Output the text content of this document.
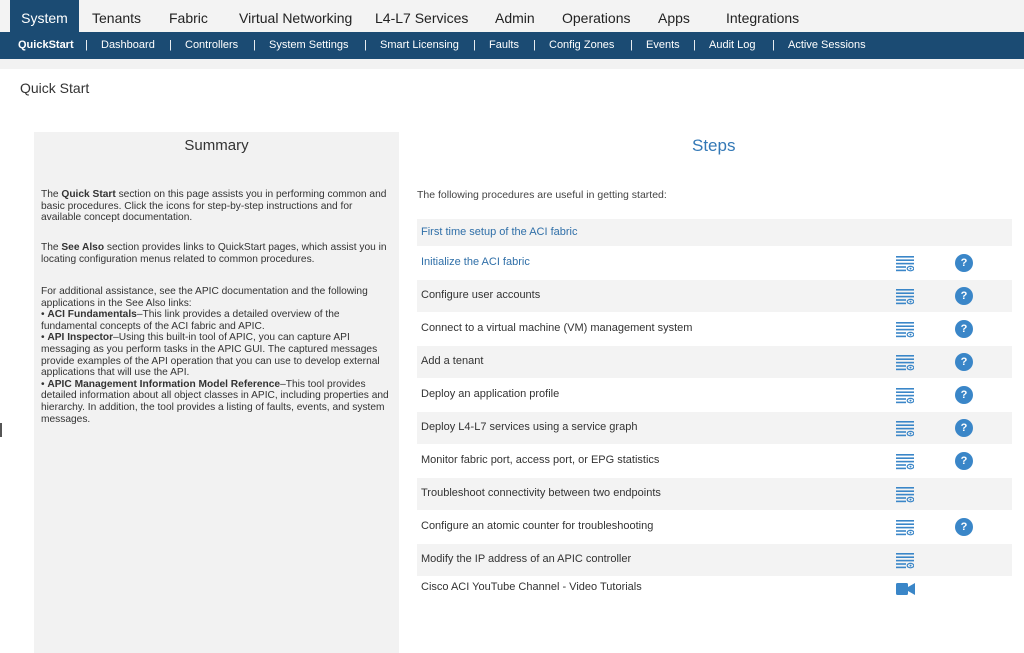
System	Tenants Fabric Virtual Networking L4-L7 Services Admin Operations Apps	Integrations
QuickStart | Dashboard | Controllers | System Settings | Smart Licensing | Faults | Config Zones | Events | Audit Log | Active Sessions
Quick Start
Summary
The Quick Start section on this page assists you in performing common and basic procedures. Click the icons for step-by-step instructions and for available concept documentation.
The See Also section provides links to QuickStart pages, which assist you in locating configuration menus related to common procedures.
For additional assistance, see the APIC documentation and the following applications in the See Also links:
• ACI Fundamentals–This link provides a detailed overview of the fundamental concepts of the ACI fabric and APIC.
• API Inspector–Using this built-in tool of APIC, you can capture API messaging as you perform tasks in the APIC GUI. The captured messages provide examples of the API operation that you can use to develop external applications that will use the API.
• APIC Management Information Model Reference–This tool provides detailed information about all object classes in APIC, including properties and hierarchy. In addition, the tool provides a listing of faults, events, and system messages.
Steps
The following procedures are useful in getting started:
First time setup of the ACI fabric
Initialize the ACI fabric	?
Configure user accounts	?
Connect to a virtual machine (VM) management system	?
Add a tenant	?
Deploy an application profile	?
Deploy L4-L7 services using a service graph	?
Monitor fabric port, access port, or EPG statistics	?
Troubleshoot connectivity between two endpoints
Configure an atomic counter for troubleshooting	?
Modify the IP address of an APIC controller
Cisco ACI YouTube Channel - Video Tutorials
